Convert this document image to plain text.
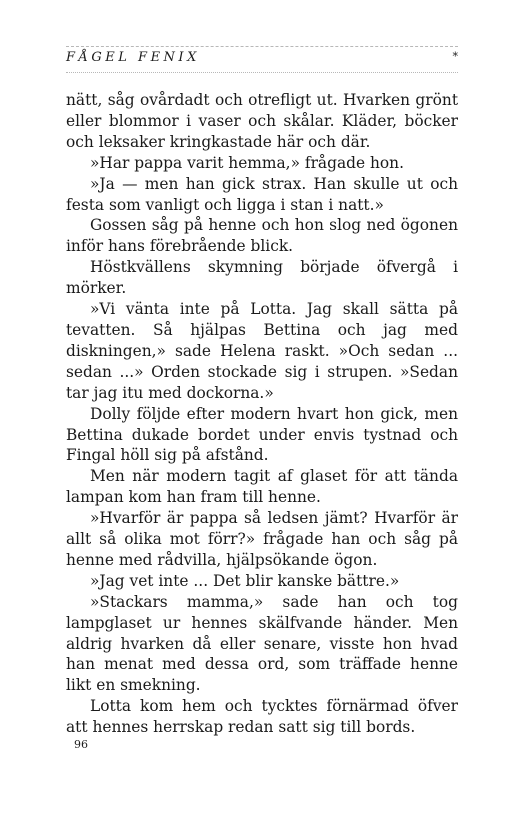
FÅGEL FENIX	*

nätt, såg ovårdadt och otrefligt ut. Hvarken grönt eller blommor i vaser och skålar. Kläder, böcker och leksaker kringkastade här och där.

»Har pappa varit hemma,» frågade hon.

»Ja — men han gick strax. Han skulle ut och festa som vanligt och ligga i stan i natt.»

Gossen såg på henne och hon slog ned ögonen inför hans förebrående blick.

Höstkvällens skymning började öfvergå i mörker.

»Vi vänta inte på Lotta. Jag skall sätta på tevatten. Så hjälpas Bettina och jag med diskningen,» sade Helena raskt. »Och sedan ... sedan ...» Orden stockade sig i strupen. »Sedan tar jag itu med dockorna.»

Dolly följde efter modern hvart hon gick, men Bettina dukade bordet under envis tystnad och Fingal höll sig på afstånd.

Men när modern tagit af glaset för att tända lampan kom han fram till henne.

»Hvarför är pappa så ledsen jämt? Hvarför är allt så olika mot förr?» frågade han och såg på henne med rådvilla, hjälpsökande ögon.

»Jag vet inte ... Det blir kanske bättre.»

»Stackars mamma,» sade han och tog lampglaset ur hennes skälfvande händer. Men aldrig hvarken då eller senare, visste hon hvad han menat med dessa ord, som träffade henne likt en smekning.

Lotta kom hem och tycktes förnärmad öfver att hennes herrskap redan satt sig till bords.

96
